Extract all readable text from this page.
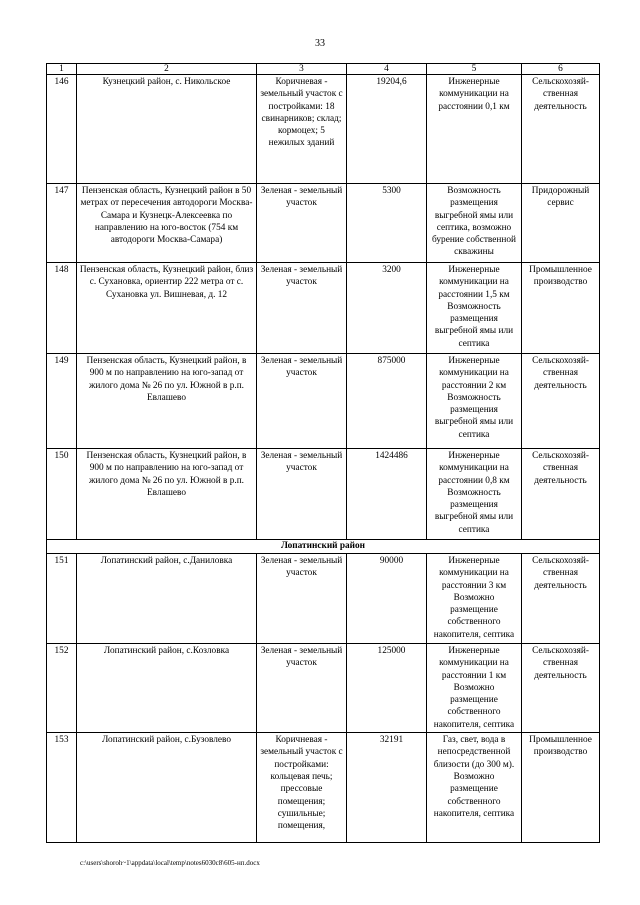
33
1	2	3	4	5	6
146	Кузнецкий район, с. Никольское	Коричневая - земельный участок с постройками: 18 свинарников; склад; кормоцех; 5 нежилых зданий	19204,6	Инженерные коммуникации на расстоянии 0,1 км	Сельскохозяй-ственная деятельность
147	Пензенская область, Кузнецкий район в 50 метрах от пересечения автодороги Москва-Самара и Кузнецк-Алексеевка по направлению на юго-восток (754 км автодороги Москва-Самара)	Зеленая - земельный участок	5300	Возможность размещения выгребной ямы или септика, возможно бурение собственной скважины	Придорожный сервис
148	Пензенская область, Кузнецкий район, близ с. Сухановка, ориентир 222 метра от с. Сухановка ул. Вишневая, д. 12	Зеленая - земельный участок	3200	Инженерные коммуникации на расстоянии 1,5 км Возможность размещения выгребной ямы или септика	Промышленное производство
149	Пензенская область, Кузнецкий район, в 900 м по направлению на юго-запад от жилого дома № 26 по ул. Южной в р.п. Евлашево	Зеленая - земельный участок	875000	Инженерные коммуникации на расстоянии 2 км Возможность размещения выгребной ямы или септика	Сельскохозяй-ственная деятельность
150	Пензенская область, Кузнецкий район, в 900 м по направлению на юго-запад от жилого дома № 26 по ул. Южной в р.п. Евлашево	Зеленая - земельный участок	1424486	Инженерные коммуникации на расстоянии 0,8 км Возможность размещения выгребной ямы или септика	Сельскохозяй-ственная деятельность
Лопатинский район					
151	Лопатинский район, с.Даниловка	Зеленая - земельный участок	90000	Инженерные коммуникации на расстоянии 3 км Возможно размещение собственного накопителя, септика	Сельскохозяй-ственная деятельность
152	Лопатинский район, с.Козловка	Зеленая - земельный участок	125000	Инженерные коммуникации на расстоянии 1 км Возможно размещение собственного накопителя, септика	Сельскохозяй-ственная деятельность
153	Лопатинский район, с.Бузовлево	Коричневая - земельный участок с постройками: кольцевая печь; прессовые помещения; сушильные; помещения,	32191	Газ, свет, вода в непосредственной близости (до 300 м). Возможно размещение собственного накопителя, септика	Промышленное производство
c:\users\shoroh~1\appdata\local\temp\notes6030c8\605-нп.docx
